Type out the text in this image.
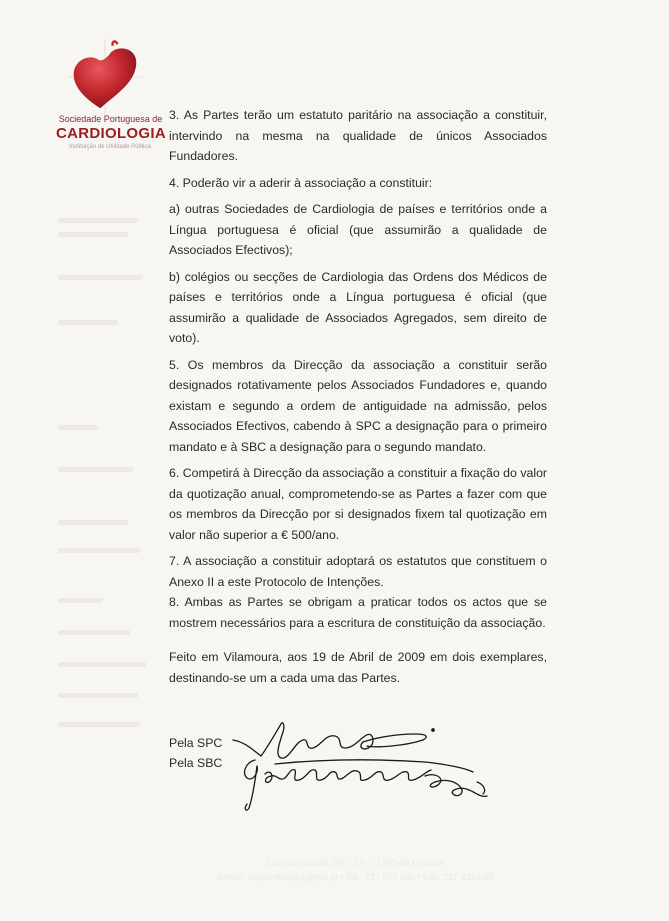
Sociedade Portuguesa de
CARDIOLOGIA
Instituição de Utilidade Pública

3. As Partes terão um estatuto paritário na associação a constituir, intervindo na mesma na qualidade de únicos Associados Fundadores.

4. Poderão vir a aderir à associação a constituir:

a) outras Sociedades de Cardiologia de países e territórios onde a Língua portuguesa é oficial (que assumirão a qualidade de Associados Efectivos);

b) colégios ou secções de Cardiologia das Ordens dos Médicos de países e territórios onde a Língua portuguesa é oficial (que assumirão a qualidade de Associados Agregados, sem direito de voto).

5. Os membros da Direcção da associação a constituir serão designados rotativamente pelos Associados Fundadores e, quando existam e segundo a ordem de antiguidade na admissão, pelos Associados Efectivos, cabendo à SPC a designação para o primeiro mandato e à SBC a designação para o segundo mandato.

6. Competirá à Direcção da associação a constituir a fixação do valor da quotização anual, comprometendo-se as Partes a fazer com que os membros da Direcção por si designados fixem tal quotização em valor não superior a € 500/ano.

7. A associação a constituir adoptará os estatutos que constituem o Anexo II a este Protocolo de Intenções.

8. Ambas as Partes se obrigam a praticar todos os actos que se mostrem necessários para a escritura de constituição da associação.

Feito em Vilamoura, aos 19 de Abril de 2009 em dois exemplares, destinando-se um a cada uma das Partes.
Pela SPC
Pela SBC
Campo Grande, 28 – 13º – 1700-093 Lisboa
E-mail: sspcardiologia@spc.pt • Tel.: 217 970 685 • Fax: 217 931 095
